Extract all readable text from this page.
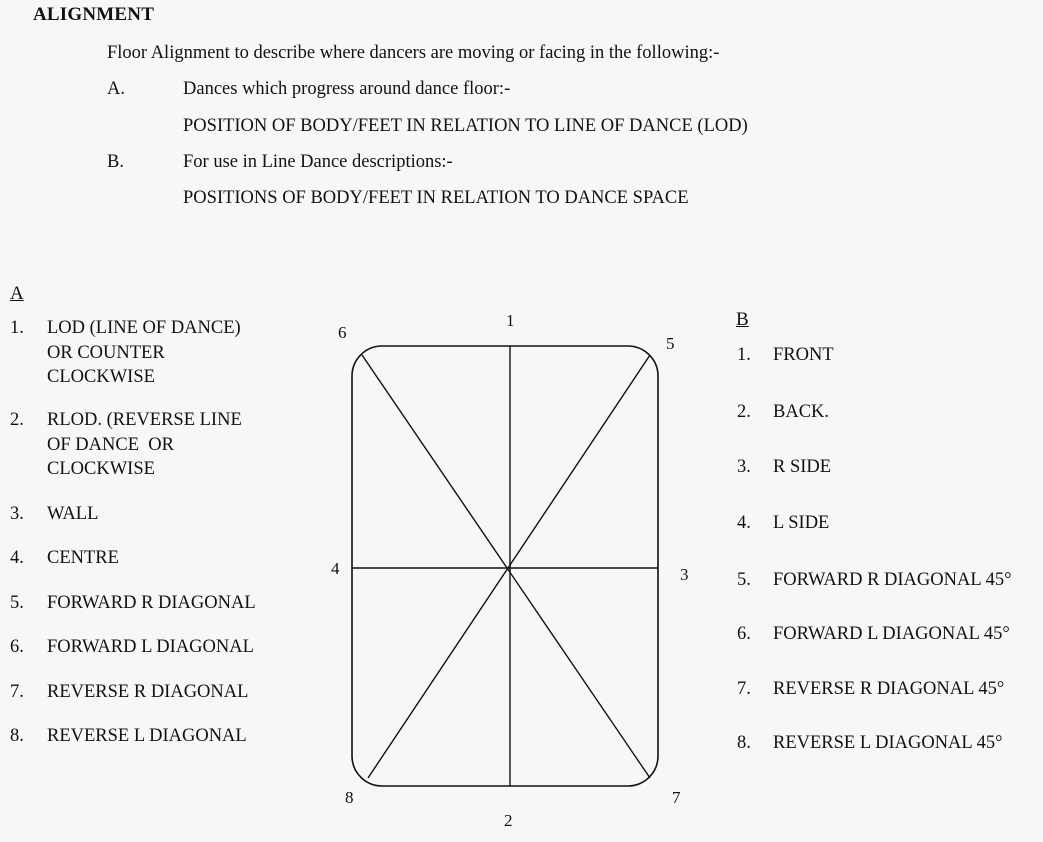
ALIGNMENT
Floor Alignment to describe where dancers are moving or facing in the following:-
A.	Dances which progress around dance floor:-
POSITION OF BODY/FEET IN RELATION TO LINE OF DANCE (LOD)
B.	For use in Line Dance descriptions:-
POSITIONS OF BODY/FEET IN RELATION TO DANCE SPACE
A
1.	LOD (LINE OF DANCE)
OR COUNTER
CLOCKWISE
2.	RLOD. (REVERSE LINE
OF DANCE  OR
CLOCKWISE
3.	WALL
4.	CENTRE
5.	FORWARD R DIAGONAL
6.	FORWARD L DIAGONAL
7.	REVERSE R DIAGONAL
8.	REVERSE L DIAGONAL
1
2
3
4
5
6
7
8
B
1. FRONT
2. BACK.
3. R SIDE
4. L SIDE
5. FORWARD R DIAGONAL 45°
6. FORWARD L DIAGONAL 45°
7. REVERSE R DIAGONAL 45°
8. REVERSE L DIAGONAL 45°
